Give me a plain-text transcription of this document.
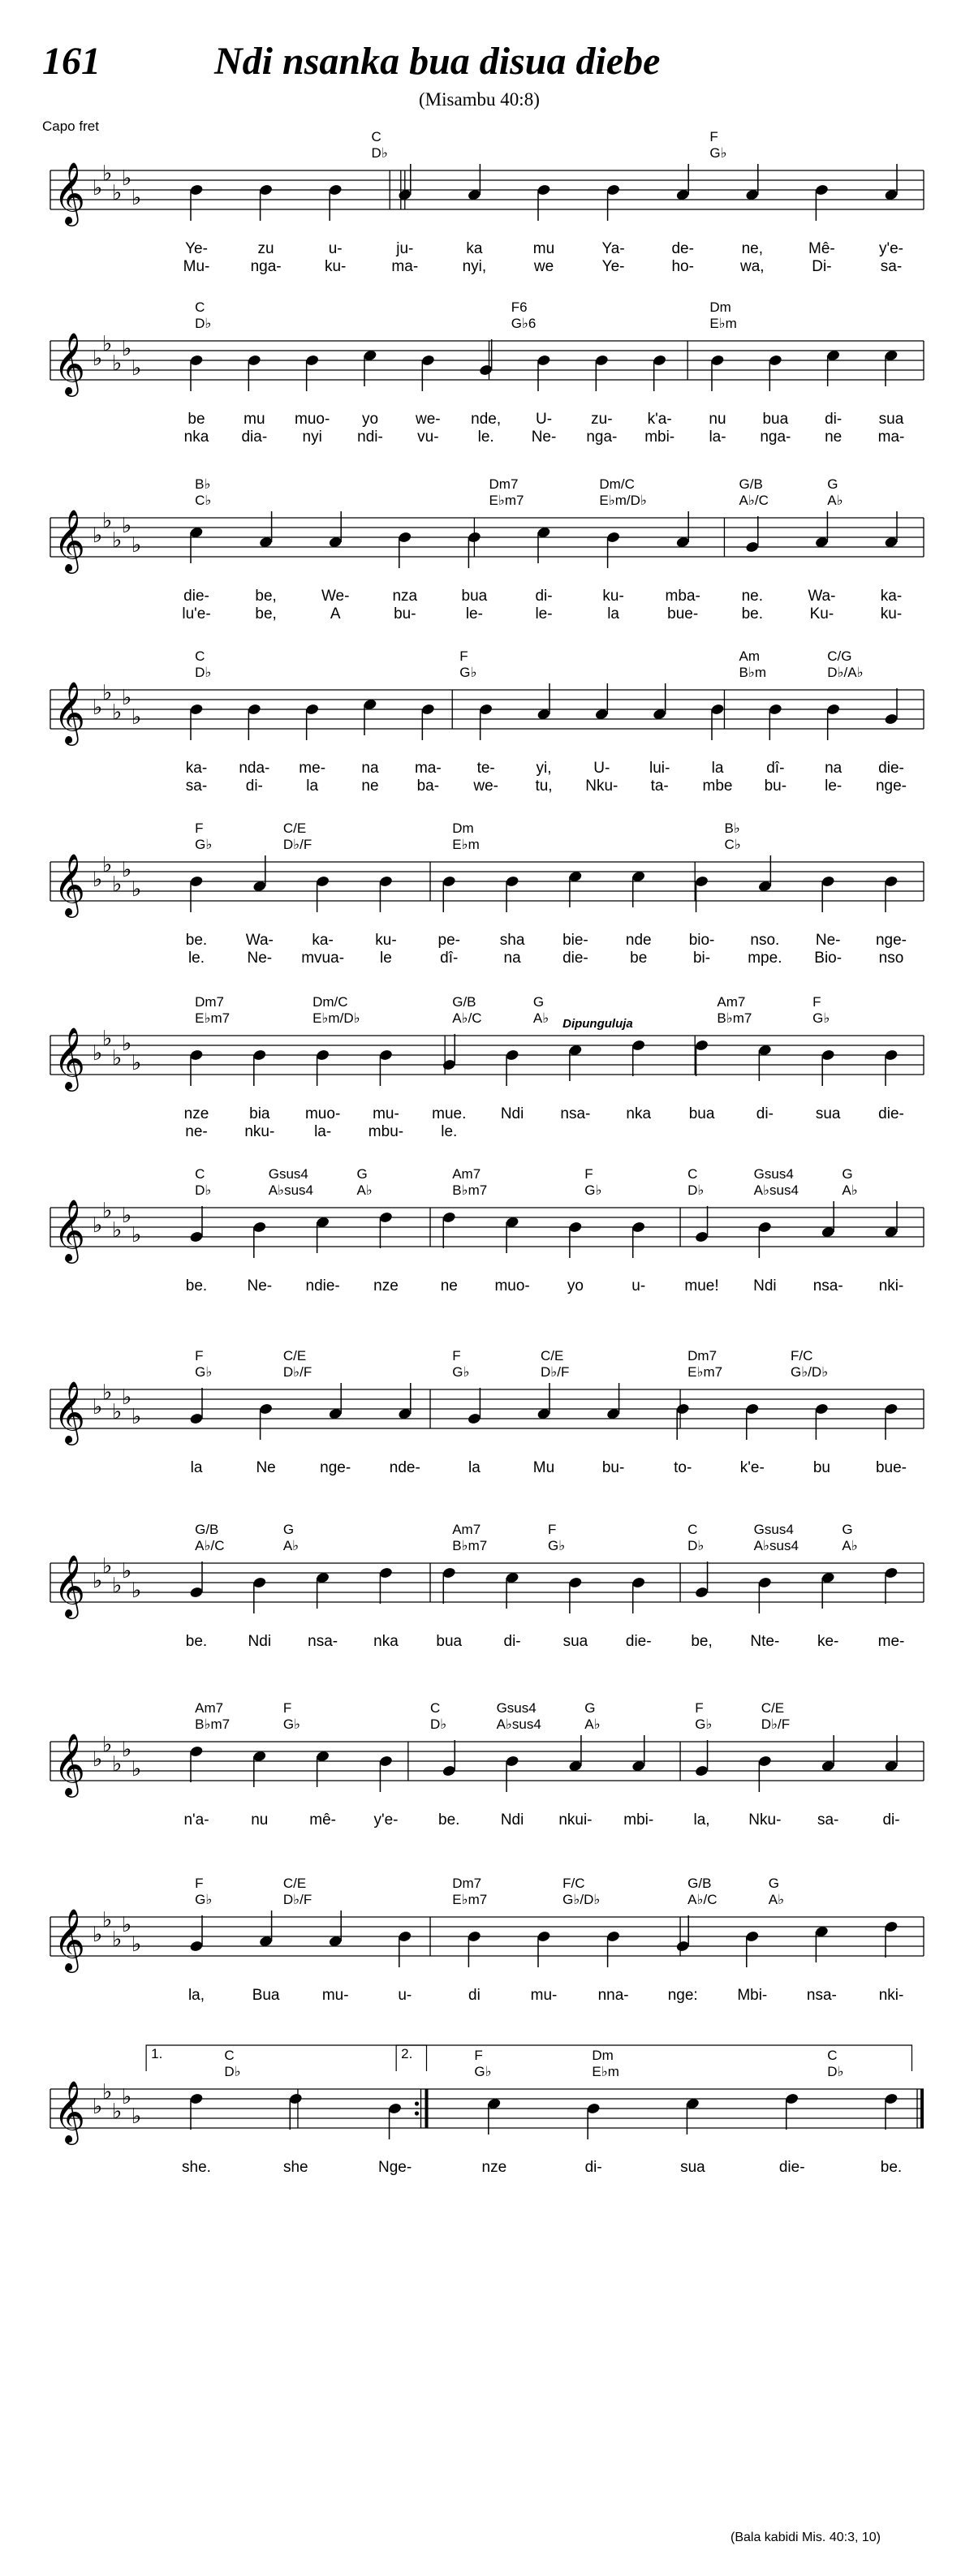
161	Ndi nsanka bua disua diebe
(Misambu 40:8)
Capo fret
C
D♭
F
G♭
𝄞 ♭
♭
♭
♭
♭
Ye-
Mu-
zu
nga-
u-
ku-
ju-
ma-
ka
nyi,
mu
we
Ya-
Ye-
de-
ho-
ne,
wa,
Mê-
Di-
y'e-
sa-
C
D♭
F6
G♭6
Dm
E♭m
𝄞 ♭
♭
♭
♭
♭
be
nka
mu
dia-
muo-
nyi
yo
ndi-
we-
vu-
nde,
le.
U-
Ne-
zu-
nga-
k'a-
mbi-
nu
la-
bua
nga-
di-
ne
sua
ma-
B♭
C♭
Dm7
E♭m7
Dm/C
E♭m/D♭
G/B
A♭/C
G
A♭
𝄞 ♭
♭
♭
♭
♭
die-
lu'e-
be,
be,
We-
A
nza
bu-
bua
le-
di-
le-
ku-
la
mba-
bue-
ne.
be.
Wa-
Ku-
ka-
ku-
C
D♭
F
G♭
Am
B♭m
C/G
D♭/A♭
𝄞 ♭
♭
♭
♭
♭
ka-
sa-
nda-
di-
me-
la
na
ne
ma-
ba-
te-
we-
yi,
tu,
U-
Nku-
lui-
ta-
la
mbe
dî-
bu-
na
le-
die-
nge-
F
G♭
C/E
D♭/F
Dm
E♭m
B♭
C♭
𝄞 ♭
♭
♭
♭
♭
be.
le.
Wa-
Ne-
ka-
mvua-
ku-
le
pe-
dî-
sha
na
bie-
die-
nde
be
bio-
bi-
nso.
mpe.
Ne-
Bio-
nge-
nso
Dm7
E♭m7
Dm/C
E♭m/D♭
G/B
A♭/C
G
A♭
Am7
B♭m7
F
G♭
𝄞 ♭
♭
♭
♭
♭
Dipunguluja
nze
ne-
bia
nku-
muo-
la-
mu-
mbu-
mue.
le.
Ndi nsa- nka bua	di-	sua die-
C
D♭
Gsus4
A♭sus4
G
A♭
Am7
B♭m7
F
G♭
C
D♭
Gsus4
A♭sus4
G
A♭
𝄞 ♭
♭
♭
♭
♭
be.	Ne- ndie- nze	ne muo- yo	u-	mue! Ndi nsa- nki-
F
G♭
C/E
D♭/F
F
G♭
C/E
D♭/F
Dm7
E♭m7
F/C
G♭/D♭
𝄞 ♭
♭
♭
♭
♭
la	Ne	nge-	nde-	la	Mu	bu-	to-	k'e-	bu	bue-
G/B
A♭/C
G
A♭
Am7
B♭m7
F
G♭
C
D♭
Gsus4
A♭sus4
G
A♭
𝄞 ♭
♭
♭
♭
♭
be.	Ndi nsa- nka bua	di-	sua die-	be, Nte- ke-	me-
Am7
B♭m7
F
G♭
C
D♭
Gsus4
A♭sus4
G
A♭
F
G♭
C/E
D♭/F
𝄞 ♭
♭
♭
♭
♭
n'a-	nu	mê- y'e-	be.	Ndi nkui- mbi-	la,	Nku- sa-	di-
F
G♭
C/E
D♭/F
Dm7
E♭m7
F/C
G♭/D♭
G/B
A♭/C
G
A♭
𝄞 ♭
♭
♭
♭
♭
la,	Bua	mu-	u-	di	mu-	nna-	nge:	Mbi-	nsa-	nki-
C
D♭
F
G♭
Dm
E♭m
C
D♭
𝄞 ♭
♭
♭
♭
♭
1.	2.
she.	she	Nge-	nze	di-	sua	die-	be.
(Bala kabidi Mis. 40:3, 10)
